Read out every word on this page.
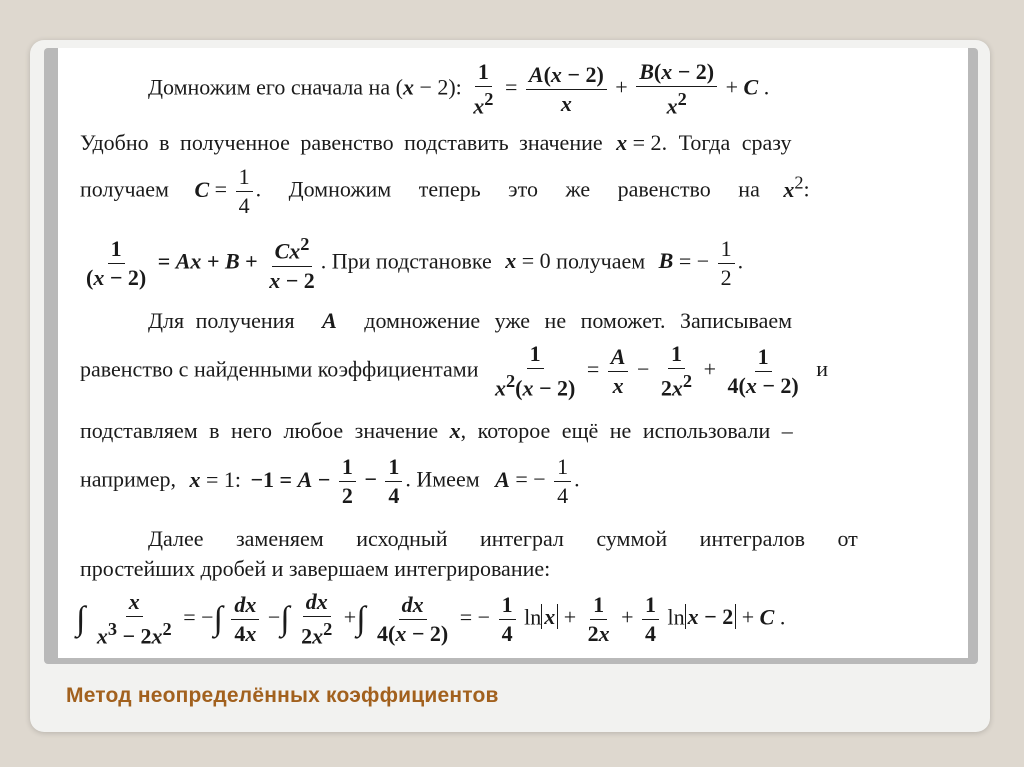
Домножим его сначала на (x − 2): $\frac{1}{x^2} = \frac{A(x - 2)}{x} + \frac{B(x - 2)}{x^2} + C$ .
Удобно в полученное равенство подставить значение x = 2. Тогда сразу
получаем $C = \frac{1}{4}$ . Домножим теперь это же равенство на $x^2$:
$\frac{1}{(x - 2)} = Ax + B + \frac{Cx^2}{x - 2}$ . При подстановке x = 0 получаем B = − $\frac{1}{2}$ .
Для получения A домножение уже не поможет. Записываем
равенство с найденными коэффициентами $\frac{1}{x^2(x - 2)} = \frac{A}{x} - \frac{1}{2x^2} + \frac{1}{4(x - 2)}$ и
подставляем в него любое значение x, которое ещё не использовали –
например, x = 1: $-1 = A - \frac{1}{2} - \frac{1}{4}$ . Имеем A = − $\frac{1}{4}$ .
Далее заменяем исходный интеграл суммой интегралов от
простейших дробей и завершаем интегрирование:
∫ $\frac{x}{x^3 - 2x^2}$ = −∫ $\frac{dx}{4x}$ −∫ $\frac{dx}{2x^2}$ +∫ $\frac{dx}{4(x - 2)}$ = − $\frac{1}{4}$ $\ln x + \frac{1}{2x} + \frac{1}{4}$ ln x − 2 + C .
Метод неопределённых коэффициентов
